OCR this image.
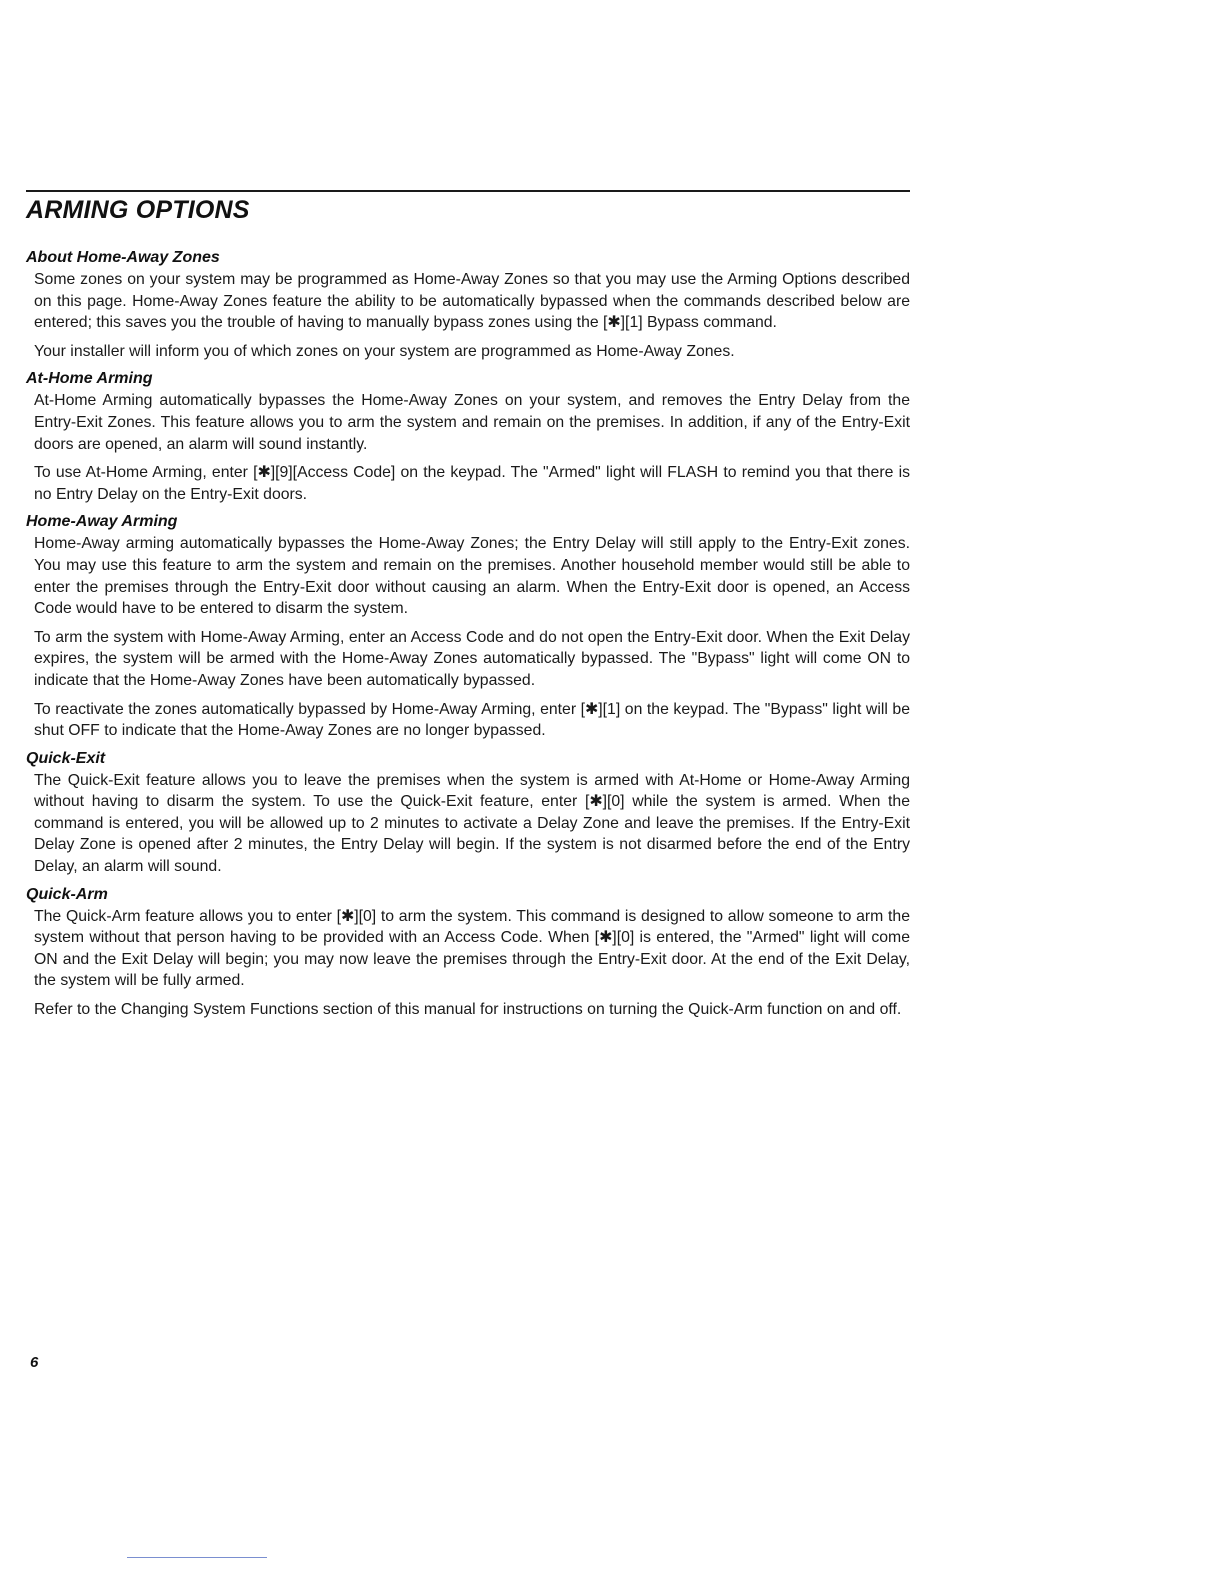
ARMING OPTIONS
About Home-Away Zones

Some zones on your system may be programmed as Home-Away Zones so that you may use the Arming Options described on this page. Home-Away Zones feature the ability to be automatically bypassed when the commands described below are entered; this saves you the trouble of having to manually bypass zones using the [✱][1] Bypass command.

Your installer will inform you of which zones on your system are programmed as Home-Away Zones.

At-Home Arming

At-Home Arming automatically bypasses the Home-Away Zones on your system, and removes the Entry Delay from the Entry-Exit Zones. This feature allows you to arm the system and remain on the premises. In addition, if any of the Entry-Exit doors are opened, an alarm will sound instantly.

To use At-Home Arming, enter [✱][9][Access Code] on the keypad. The "Armed" light will FLASH to remind you that there is no Entry Delay on the Entry-Exit doors.

Home-Away Arming

Home-Away arming automatically bypasses the Home-Away Zones; the Entry Delay will still apply to the Entry-Exit zones. You may use this feature to arm the system and remain on the premises. Another household member would still be able to enter the premises through the Entry-Exit door without causing an alarm. When the Entry-Exit door is opened, an Access Code would have to be entered to disarm the system.

To arm the system with Home-Away Arming, enter an Access Code and do not open the Entry-Exit door. When the Exit Delay expires, the system will be armed with the Home-Away Zones automatically bypassed. The "Bypass" light will come ON to indicate that the Home-Away Zones have been automatically bypassed.

To reactivate the zones automatically bypassed by Home-Away Arming, enter [✱][1] on the keypad. The "Bypass" light will be shut OFF to indicate that the Home-Away Zones are no longer bypassed.

Quick-Exit

The Quick-Exit feature allows you to leave the premises when the system is armed with At-Home or Home-Away Arming without having to disarm the system. To use the Quick-Exit feature, enter [✱][0] while the system is armed. When the command is entered, you will be allowed up to 2 minutes to activate a Delay Zone and leave the premises. If the Entry-Exit Delay Zone is opened after 2 minutes, the Entry Delay will begin. If the system is not disarmed before the end of the Entry Delay, an alarm will sound.

Quick-Arm

The Quick-Arm feature allows you to enter [✱][0] to arm the system. This command is designed to allow someone to arm the system without that person having to be provided with an Access Code. When [✱][0] is entered, the "Armed" light will come ON and the Exit Delay will begin; you may now leave the premises through the Entry-Exit door. At the end of the Exit Delay, the system will be fully armed.

Refer to the Changing System Functions section of this manual for instructions on turning the Quick-Arm function on and off.

6
